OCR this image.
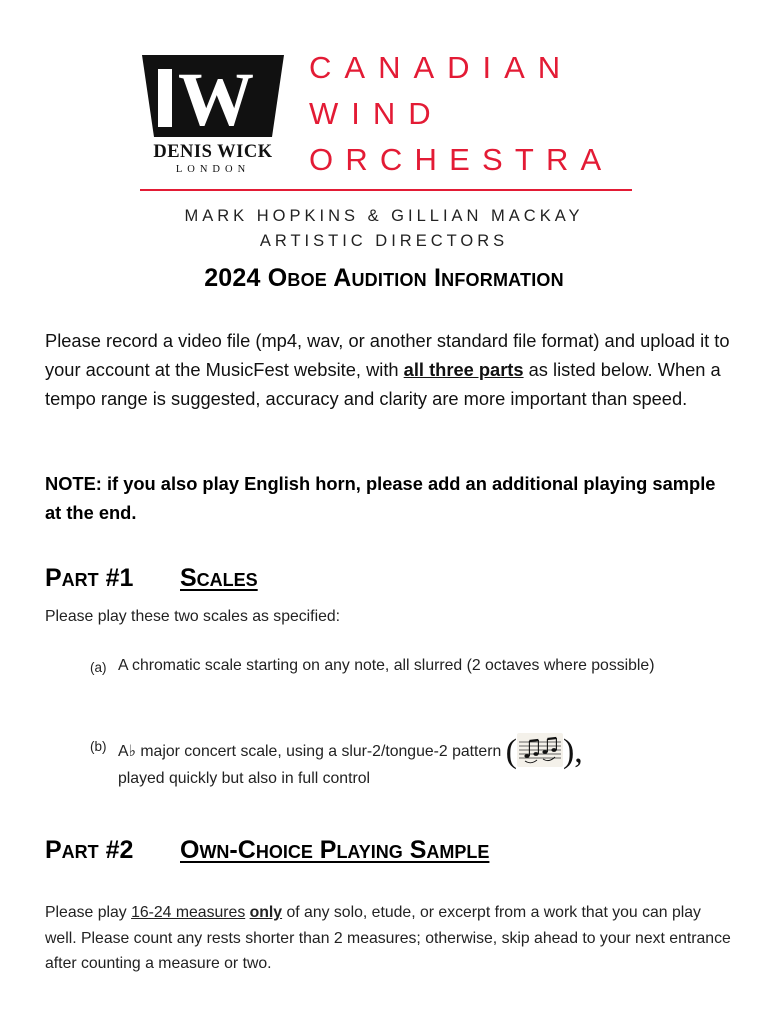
W
DENIS WICK
LONDON
CANADIAN
WIND
ORCHESTRA
MARK HOPKINS & GILLIAN MACKAY
ARTISTIC DIRECTORS
2024 Oboe Audition Information
Please record a video file (mp4, wav, or another standard file format) and upload it to your account at the MusicFest website, with all three parts as listed below. When a tempo range is suggested, accuracy and clarity are more important than speed.
NOTE: if you also play English horn, please add an additional playing sample at the end.
Part #1 Scales
Please play these two scales as specified:
(a) A chromatic scale starting on any note, all slurred (2 octaves where possible)
(b) A♭ major concert scale, using a slur-2/tongue-2 pattern ( ),
played quickly but also in full control
Part #2 Own-Choice Playing Sample
Please play 16-24 measures only of any solo, etude, or excerpt from a work that you can play well. Please count any rests shorter than 2 measures; otherwise, skip ahead to your next entrance after counting a measure or two.
